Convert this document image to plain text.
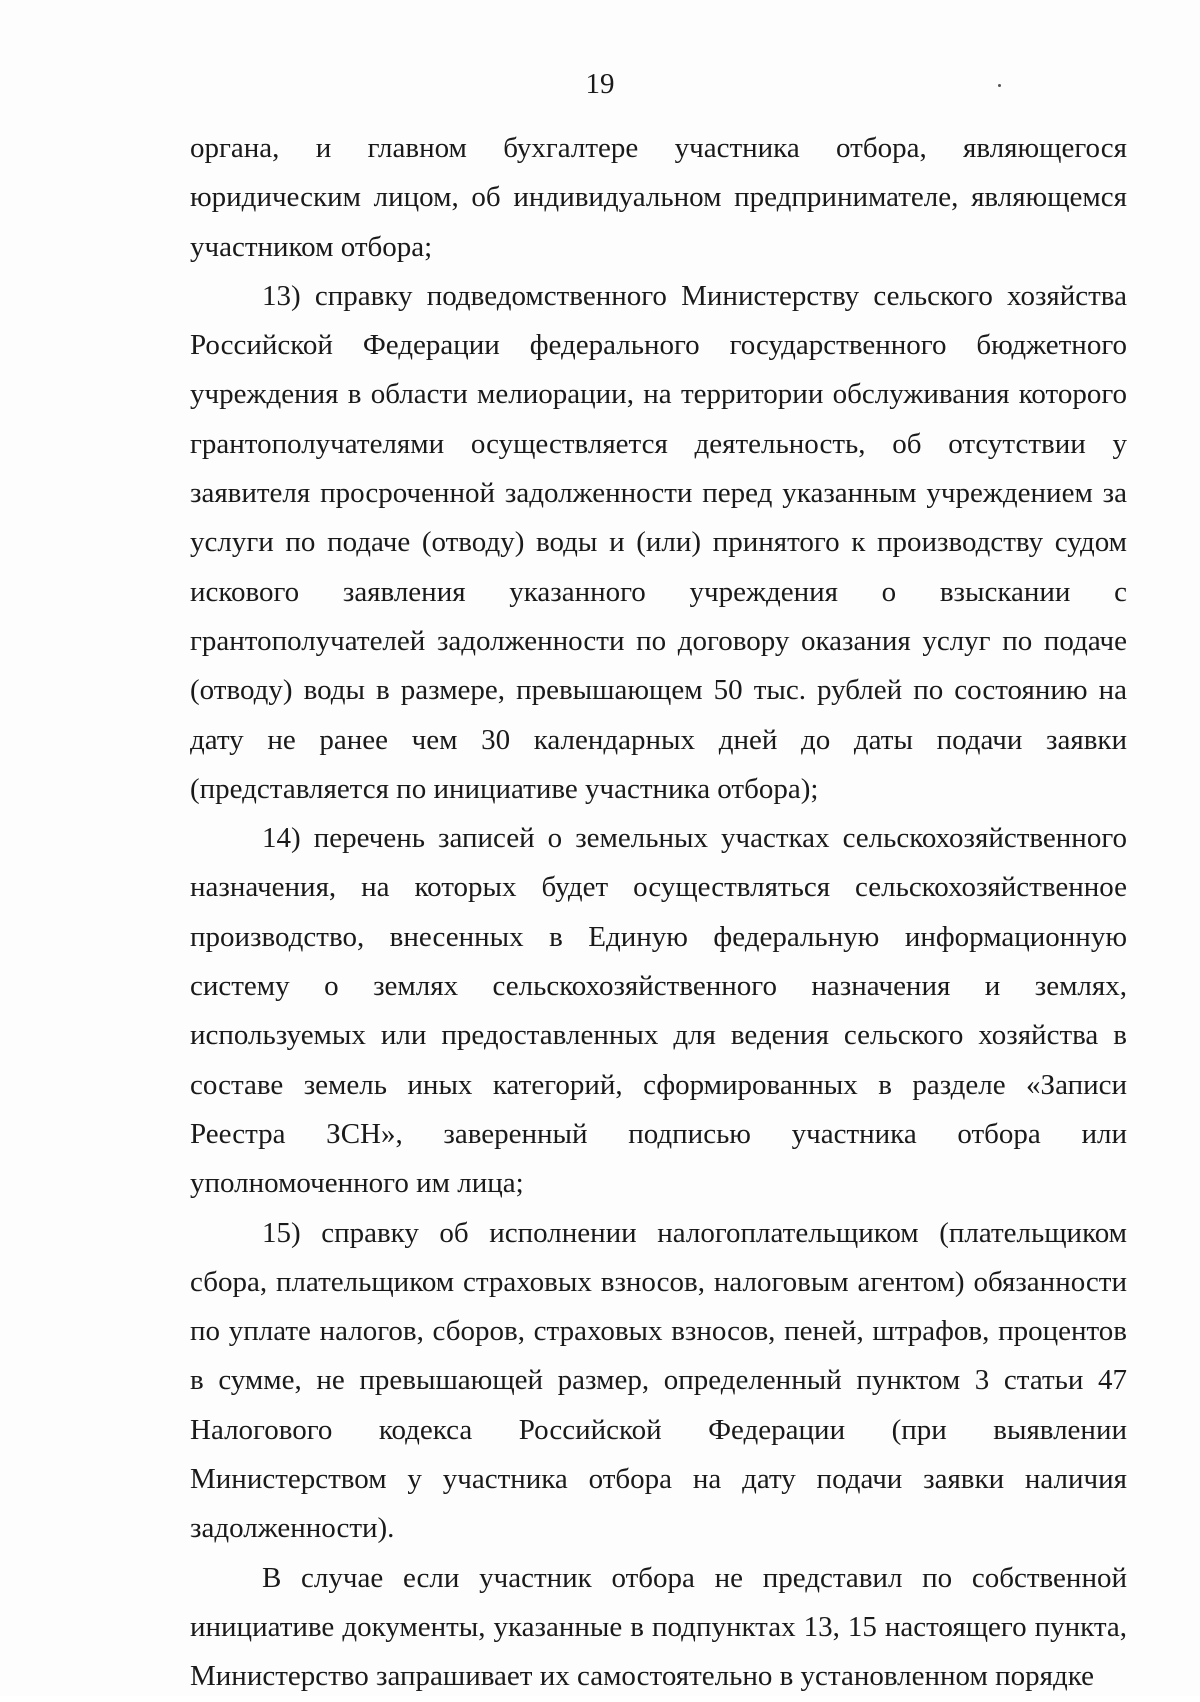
19

органа, и главном бухгалтере участника отбора, являющегося юридическим лицом, об индивидуальном предпринимателе, являющемся участником отбора;

13) справку подведомственного Министерству сельского хозяйства Российской Федерации федерального государственного бюджетного учреждения в области мелиорации, на территории обслуживания которого грантополучателями осуществляется деятельность, об отсутствии у заявителя просроченной задолженности перед указанным учреждением за услуги по подаче (отводу) воды и (или) принятого к производству судом искового заявления указанного учреждения о взыскании с грантополучателей задолженности по договору оказания услуг по подаче (отводу) воды в размере, превышающем 50 тыс. рублей по состоянию на дату не ранее чем 30 календарных дней до даты подачи заявки (представляется по инициативе участника отбора);

14) перечень записей о земельных участках сельскохозяйственного назначения, на которых будет осуществляться сельскохозяйственное производство, внесенных в Единую федеральную информационную систему о землях сельскохозяйственного назначения и землях, используемых или предоставленных для ведения сельского хозяйства в составе земель иных категорий, сформированных в разделе «Записи Реестра ЗСН», заверенный подписью участника отбора или уполномоченного им лица;

15) справку об исполнении налогоплательщиком (плательщиком сбора, плательщиком страховых взносов, налоговым агентом) обязанности по уплате налогов, сборов, страховых взносов, пеней, штрафов, процентов в сумме, не превышающей размер, определенный пунктом 3 статьи 47 Налогового кодекса Российской Федерации (при выявлении Министерством у участника отбора на дату подачи заявки наличия задолженности).

В случае если участник отбора не представил по собственной инициативе документы, указанные в подпунктах 13, 15 настоящего пункта, Министерство запрашивает их самостоятельно в установленном порядке
